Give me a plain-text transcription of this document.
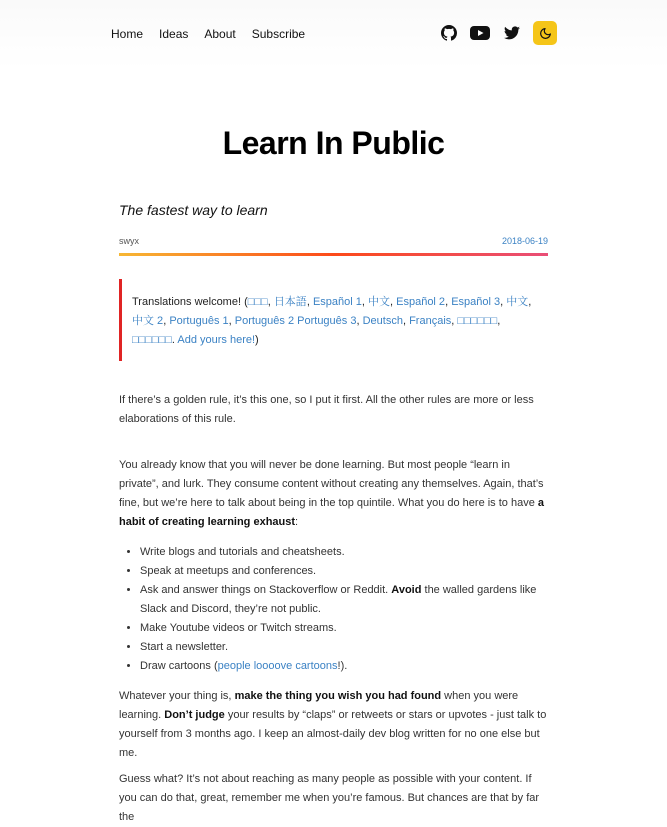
Home Ideas About Subscribe
Learn In Public
The fastest way to learn
swyx	2018-06-19
Translations welcome! (□□□, 日本語, Español 1, 中文, Español 2, Español 3, 中文, 中文 2, Português 1, Português 2 Português 3, Deutsch, Français, □□□□□□, □□□□□□. Add yours here!)

If there’s a golden rule, it’s this one, so I put it first. All the other rules are more or less elaborations of this rule.

You already know that you will never be done learning. But most people “learn in private”, and lurk. They consume content without creating any themselves. Again, that’s fine, but we’re here to talk about being in the top quintile. What you do here is to have a habit of creating learning exhaust:

• Write blogs and tutorials and cheatsheets.
• Speak at meetups and conferences.
• Ask and answer things on Stackoverflow or Reddit. Avoid the walled gardens like Slack and Discord, they’re not public.
• Make Youtube videos or Twitch streams.
• Start a newsletter.
• Draw cartoons (people loooove cartoons!).

Whatever your thing is, make the thing you wish you had found when you were learning. Don’t judge your results by “claps” or retweets or stars or upvotes - just talk to yourself from 3 months ago. I keep an almost-daily dev blog written for no one else but me.

Guess what? It’s not about reaching as many people as possible with your content. If you can do that, great, remember me when you’re famous. But chances are that by far the
